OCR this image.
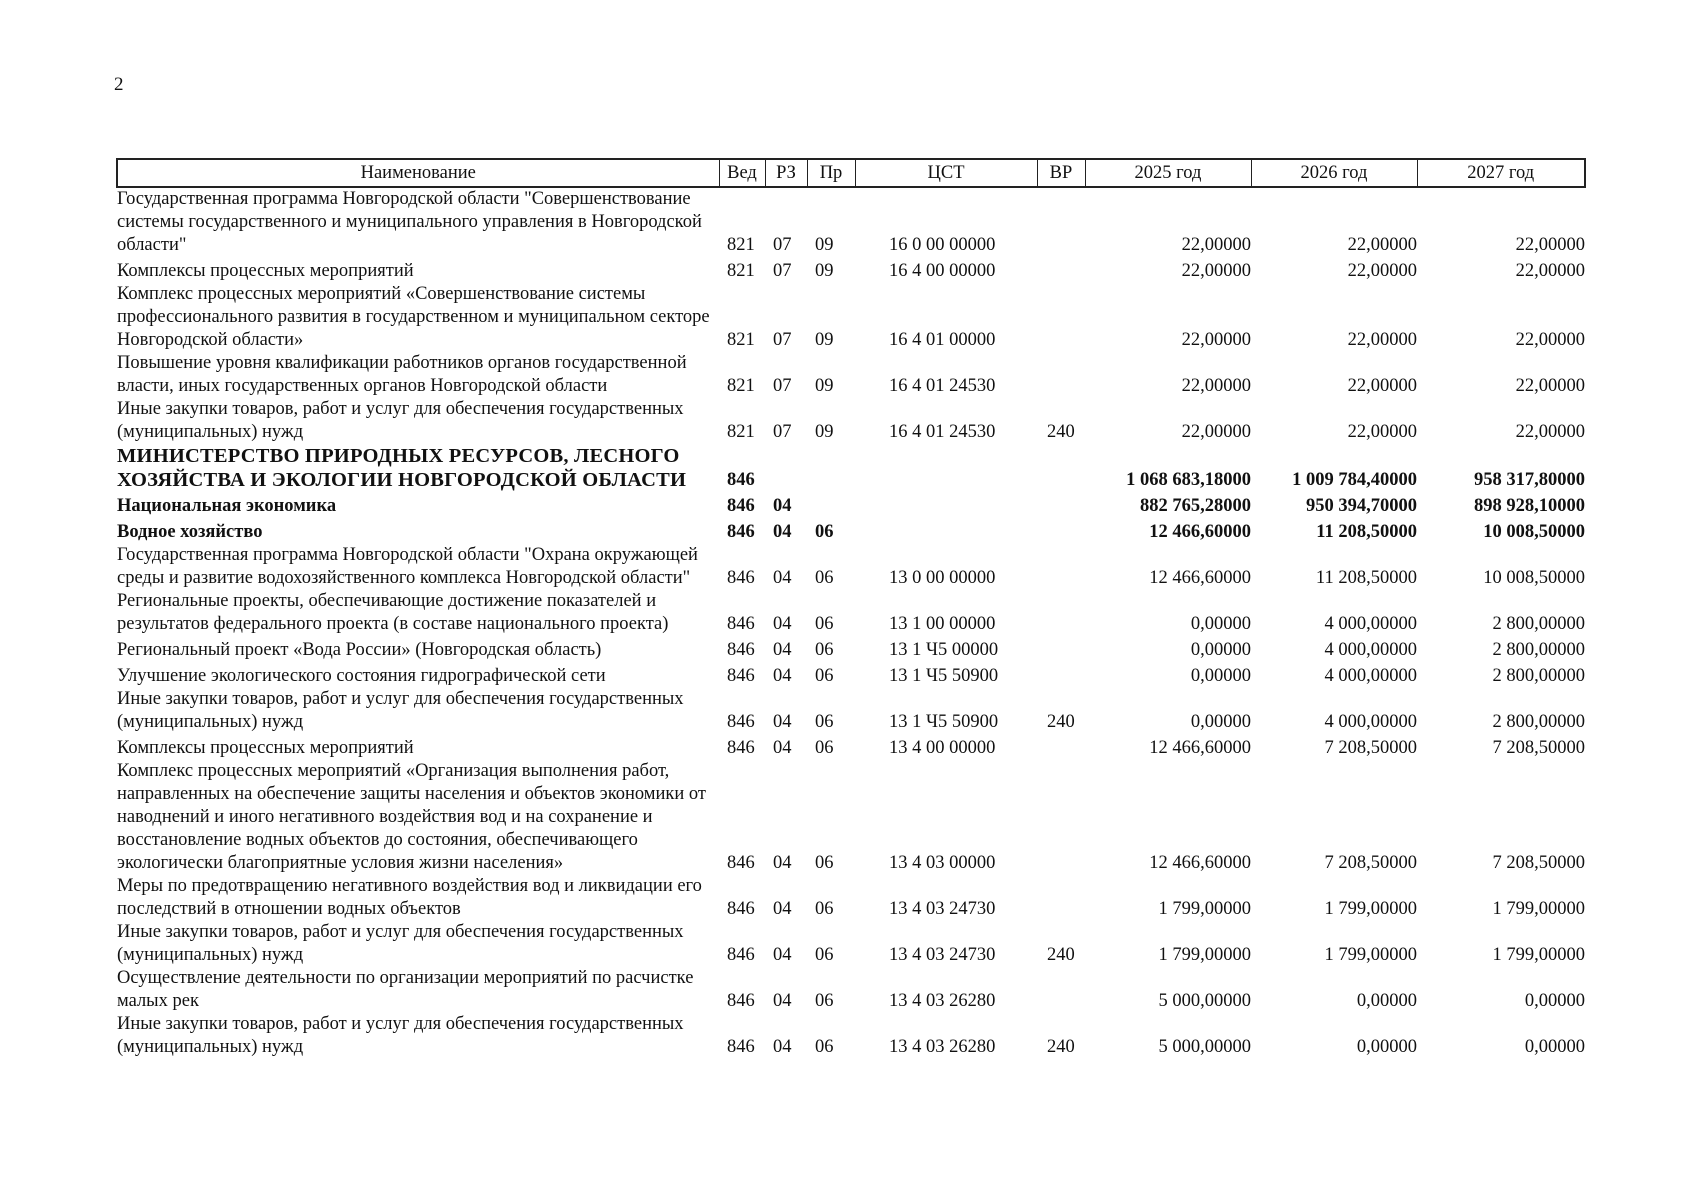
2
Наименование	Вед	РЗ	Пр	ЦСТ	ВР	2025 год	2026 год	2027 год
Государственная программа Новгородской области "Совершенствование системы государственного и муниципального управления в Новгородской области"	821	07	09	16 0 00 00000		22,00000	22,00000	22,00000
Комплексы процессных мероприятий	821	07	09	16 4 00 00000		22,00000	22,00000	22,00000
Комплекс процессных мероприятий «Совершенствование системы профессионального развития в государственном и муниципальном секторе Новгородской области»	821	07	09	16 4 01 00000		22,00000	22,00000	22,00000
Повышение уровня квалификации работников органов государственной власти, иных государственных органов Новгородской области	821	07	09	16 4 01 24530		22,00000	22,00000	22,00000
Иные закупки товаров, работ и услуг для обеспечения государственных (муниципальных) нужд	821	07	09	16 4 01 24530	240	22,00000	22,00000	22,00000
МИНИСТЕРСТВО ПРИРОДНЫХ РЕСУРСОВ, ЛЕСНОГО ХОЗЯЙСТВА И ЭКОЛОГИИ НОВГОРОДСКОЙ ОБЛАСТИ	846					1 068 683,18000	1 009 784,40000	958 317,80000
Национальная экономика	846	04				882 765,28000	950 394,70000	898 928,10000
Водное хозяйство	846	04	06			12 466,60000	11 208,50000	10 008,50000
Государственная программа Новгородской области "Охрана окружающей среды и развитие водохозяйственного комплекса Новгородской области"	846	04	06	13 0 00 00000		12 466,60000	11 208,50000	10 008,50000
Региональные проекты, обеспечивающие достижение показателей и результатов федерального проекта (в составе национального проекта)	846	04	06	13 1 00 00000		0,00000	4 000,00000	2 800,00000
Региональный проект «Вода России» (Новгородская область)	846	04	06	13 1 Ч5 00000		0,00000	4 000,00000	2 800,00000
Улучшение экологического состояния гидрографической сети	846	04	06	13 1 Ч5 50900		0,00000	4 000,00000	2 800,00000
Иные закупки товаров, работ и услуг для обеспечения государственных (муниципальных) нужд	846	04	06	13 1 Ч5 50900	240	0,00000	4 000,00000	2 800,00000
Комплексы процессных мероприятий	846	04	06	13 4 00 00000		12 466,60000	7 208,50000	7 208,50000
Комплекс процессных мероприятий «Организация выполнения работ, направленных на обеспечение защиты населения и объектов экономики от наводнений и иного негативного воздействия вод и на сохранение и восстановление водных объектов до состояния, обеспечивающего экологически благоприятные условия жизни населения»	846	04	06	13 4 03 00000		12 466,60000	7 208,50000	7 208,50000
Меры по предотвращению негативного воздействия вод и ликвидации его последствий в отношении водных объектов	846	04	06	13 4 03 24730		1 799,00000	1 799,00000	1 799,00000
Иные закупки товаров, работ и услуг для обеспечения государственных (муниципальных) нужд	846	04	06	13 4 03 24730	240	1 799,00000	1 799,00000	1 799,00000
Осуществление деятельности по организации мероприятий по расчистке малых рек	846	04	06	13 4 03 26280		5 000,00000	0,00000	0,00000
Иные закупки товаров, работ и услуг для обеспечения государственных (муниципальных) нужд	846	04	06	13 4 03 26280	240	5 000,00000	0,00000	0,00000
